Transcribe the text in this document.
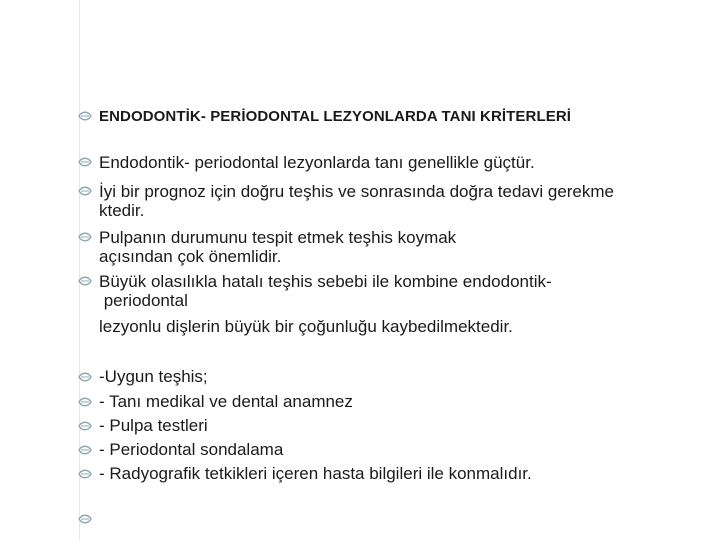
ENDODONTİK- PERİODONTAL LEZYONLARDA TANI KRİTERLERİ
Endodontik- periodontal lezyonlarda tanı genellikle güçtür.
İyi bir prognoz için doğru teşhis ve sonrasında doğra tedavi gerekme
ktedir.
Pulpanın durumunu tespit etmek teşhis koymak
açısından çok önemlidir.
Büyük olasılıkla hatalı teşhis sebebi ile kombine endodontik-
periodontal
lezyonlu dişlerin büyük bir çoğunluğu kaybedilmektedir.
-Uygun teşhis;
- Tanı medikal ve dental anamnez
- Pulpa testleri
- Periodontal sondalama
- Radyografik tetkikleri içeren hasta bilgileri ile konmalıdır.
